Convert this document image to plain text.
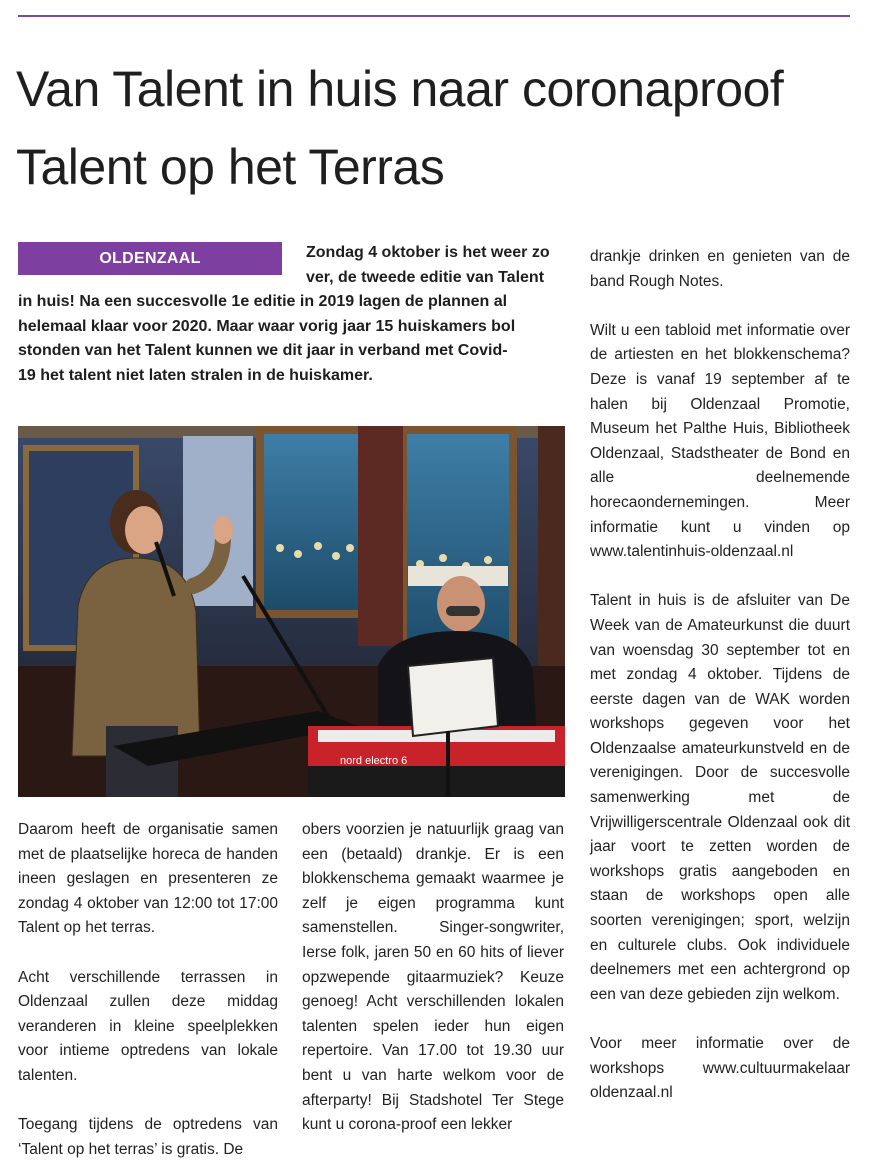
Van Talent in huis naar coronaproof Talent op het Terras
OLDENZAAL	Zondag 4 oktober is het weer zo
ver, de tweede editie van Talent
in huis! Na een succesvolle 1e editie in 2019 lagen de plannen al
helemaal klaar voor 2020. Maar waar vorig jaar 15 huiskamers bol
stonden van het Talent kunnen we dit jaar in verband met Covid-
19 het talent niet laten stralen in de huiskamer.
nord electro 6

Daarom heeft de organisatie samen met de plaatselijke horeca de handen ineen geslagen en presenteren ze zondag 4 oktober van 12:00 tot 17:00 Talent op het terras.

Acht verschillende terrassen in Oldenzaal zullen deze middag veranderen in kleine speelplekken voor intieme optredens van lokale talenten.

Toegang tijdens de optredens van ‘Talent op het terras’ is gratis. De

obers voorzien je natuurlijk graag van een (betaald) drankje. Er is een blokkenschema gemaakt waarmee je zelf je eigen programma kunt samenstellen. Singer-songwriter, Ierse folk, jaren 50 en 60 hits of liever opzwepende gitaarmuziek? Keuze genoeg! Acht verschillenden lokalen talenten spelen ieder hun eigen repertoire. Van 17.00 tot 19.30 uur bent u van harte welkom voor de afterparty! Bij Stadshotel Ter Stege kunt u corona-proof een lekker

drankje drinken en genieten van de band Rough Notes.

Wilt u een tabloid met informatie over de artiesten en het blokkenschema? Deze is vanaf 19 september af te halen bij Oldenzaal Promotie, Museum het Palthe Huis, Bibliotheek Oldenzaal, Stadstheater de Bond en alle deelnemende horecaondernemingen. Meer informatie kunt u vinden op www.talentinhuis-oldenzaal.nl

Talent in huis is de afsluiter van De Week van de Amateurkunst die duurt van woensdag 30 september tot en met zondag 4 oktober. Tijdens de eerste dagen van de WAK worden workshops gegeven voor het Oldenzaalse amateurkunstveld en de verenigingen. Door de succesvolle samenwerking met de Vrijwilligerscentrale Oldenzaal ook dit jaar voort te zetten worden de workshops gratis aangeboden en staan de workshops open alle soorten verenigingen; sport, welzijn en culturele clubs. Ook individuele deelnemers met een achtergrond op een van deze gebieden zijn welkom.

Voor meer informatie over de workshops www.cultuurmakelaar oldenzaal.nl
